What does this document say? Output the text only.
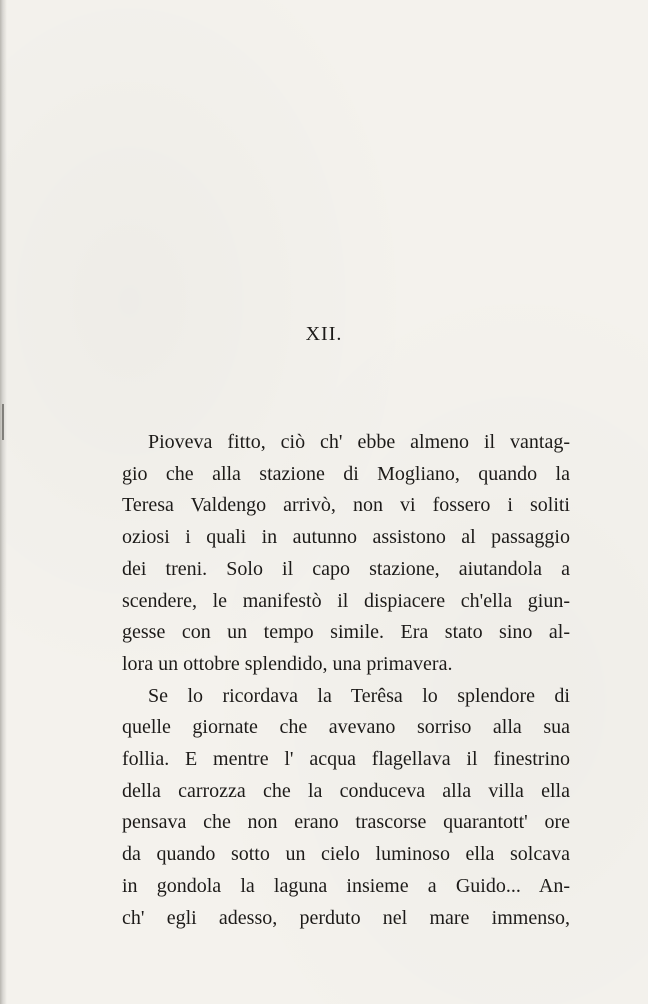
XII.
Pioveva fitto, ciò ch' ebbe almeno il vantag-
gio che alla stazione di Mogliano, quando la
Teresa Valdengo arrivò, non vi fossero i soliti
oziosi i quali in autunno assistono al passaggio
dei treni. Solo il capo stazione, aiutandola a
scendere, le manifestò il dispiacere ch'ella giun-
gesse con un tempo simile. Era stato sino al-
lora un ottobre splendido, una primavera.
Se lo ricordava la Terêsa lo splendore di
quelle giornate che avevano sorriso alla sua
follia. E mentre l' acqua flagellava il finestrino
della carrozza che la conduceva alla villa ella
pensava che non erano trascorse quarantott' ore
da quando sotto un cielo luminoso ella solcava
in gondola la laguna insieme a Guido... An-
ch' egli adesso, perduto nel mare immenso,
